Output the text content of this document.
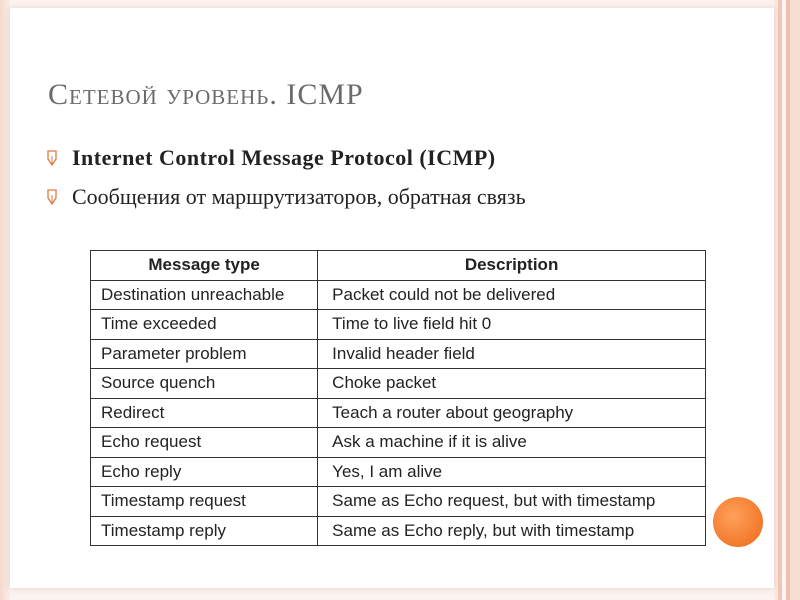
Сетевой уровень. ICMP
Internet Control Message Protocol (ICMP)
Сообщения от маршрутизаторов, обратная связь
Message type	Description
Destination unreachable	Packet could not be delivered
Time exceeded	Time to live field hit 0
Parameter problem	Invalid header field
Source quench	Choke packet
Redirect	Teach a router about geography
Echo request	Ask a machine if it is alive
Echo reply	Yes, I am alive
Timestamp request	Same as Echo request, but with timestamp
Timestamp reply	Same as Echo reply, but with timestamp
